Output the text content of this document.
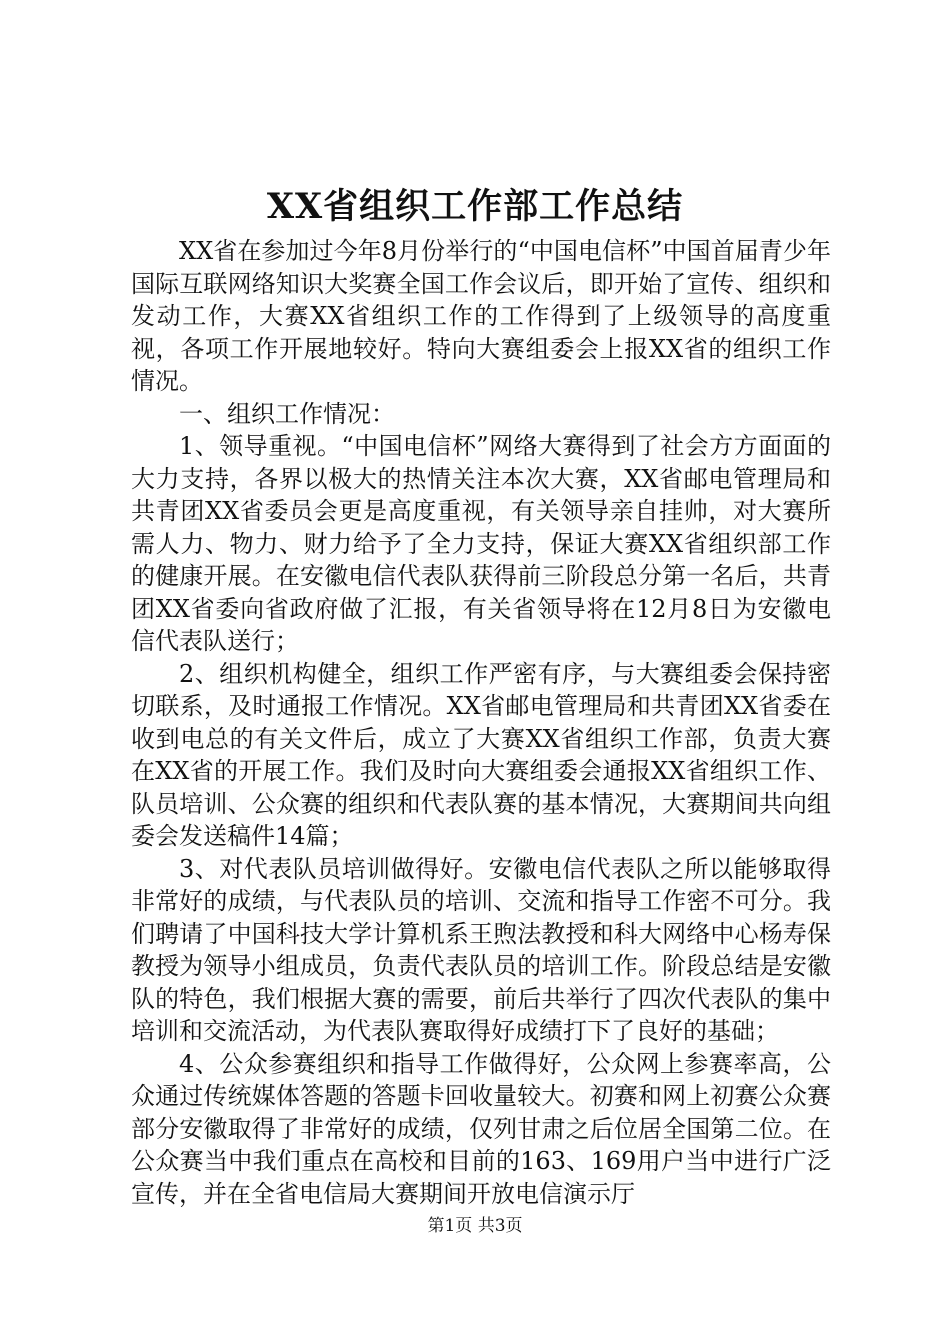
XX省组织工作部工作总结

XX省在参加过今年8月份举行的“中国电信杯”中国首届青少年国际互联网络知识大奖赛全国工作会议后，即开始了宣传、组织和发动工作，大赛XX省组织工作的工作得到了上级领导的高度重视，各项工作开展地较好。特向大赛组委会上报XX省的组织工作情况。

一、组织工作情况：

1、领导重视。“中国电信杯”网络大赛得到了社会方方面面的大力支持，各界以极大的热情关注本次大赛，XX省邮电管理局和共青团XX省委员会更是高度重视，有关领导亲自挂帅，对大赛所需人力、物力、财力给予了全力支持，保证大赛XX省组织部工作的健康开展。在安徽电信代表队获得前三阶段总分第一名后，共青团XX省委向省政府做了汇报，有关省领导将在12月8日为安徽电信代表队送行；

2、组织机构健全，组织工作严密有序，与大赛组委会保持密切联系，及时通报工作情况。XX省邮电管理局和共青团XX省委在收到电总的有关文件后，成立了大赛XX省组织工作部，负责大赛在XX省的开展工作。我们及时向大赛组委会通报XX省组织工作、队员培训、公众赛的组织和代表队赛的基本情况，大赛期间共向组委会发送稿件14篇；

3、对代表队员培训做得好。安徽电信代表队之所以能够取得非常好的成绩，与代表队员的培训、交流和指导工作密不可分。我们聘请了中国科技大学计算机系王煦法教授和科大网络中心杨寿保教授为领导小组成员，负责代表队员的培训工作。阶段总结是安徽队的特色，我们根据大赛的需要，前后共举行了四次代表队的集中培训和交流活动，为代表队赛取得好成绩打下了良好的基础；

4、公众参赛组织和指导工作做得好，公众网上参赛率高，公众通过传统媒体答题的答题卡回收量较大。初赛和网上初赛公众赛部分安徽取得了非常好的成绩，仅列甘肃之后位居全国第二位。在公众赛当中我们重点在高校和目前的163、169用户当中进行广泛宣传，并在全省电信局大赛期间开放电信演示厅

第1页 共3页
